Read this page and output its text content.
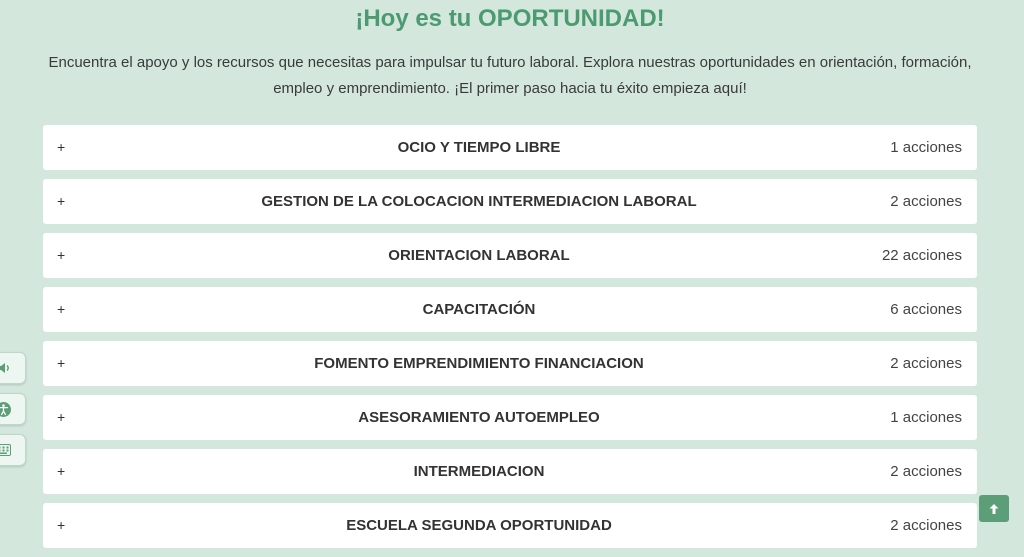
¡Hoy es tu OPORTUNIDAD!
Encuentra el apoyo y los recursos que necesitas para impulsar tu futuro laboral. Explora nuestras oportunidades en orientación, formación, empleo y emprendimiento. ¡El primer paso hacia tu éxito empieza aquí!
+	OCIO Y TIEMPO LIBRE	1 acciones
+	GESTION DE LA COLOCACION INTERMEDIACION LABORAL	2 acciones
+	ORIENTACION LABORAL	22 acciones
+	CAPACITACIÓN	6 acciones
+	FOMENTO EMPRENDIMIENTO FINANCIACION	2 acciones
+	ASESORAMIENTO AUTOEMPLEO	1 acciones
+	INTERMEDIACION	2 acciones
+	ESCUELA SEGUNDA OPORTUNIDAD	2 acciones
